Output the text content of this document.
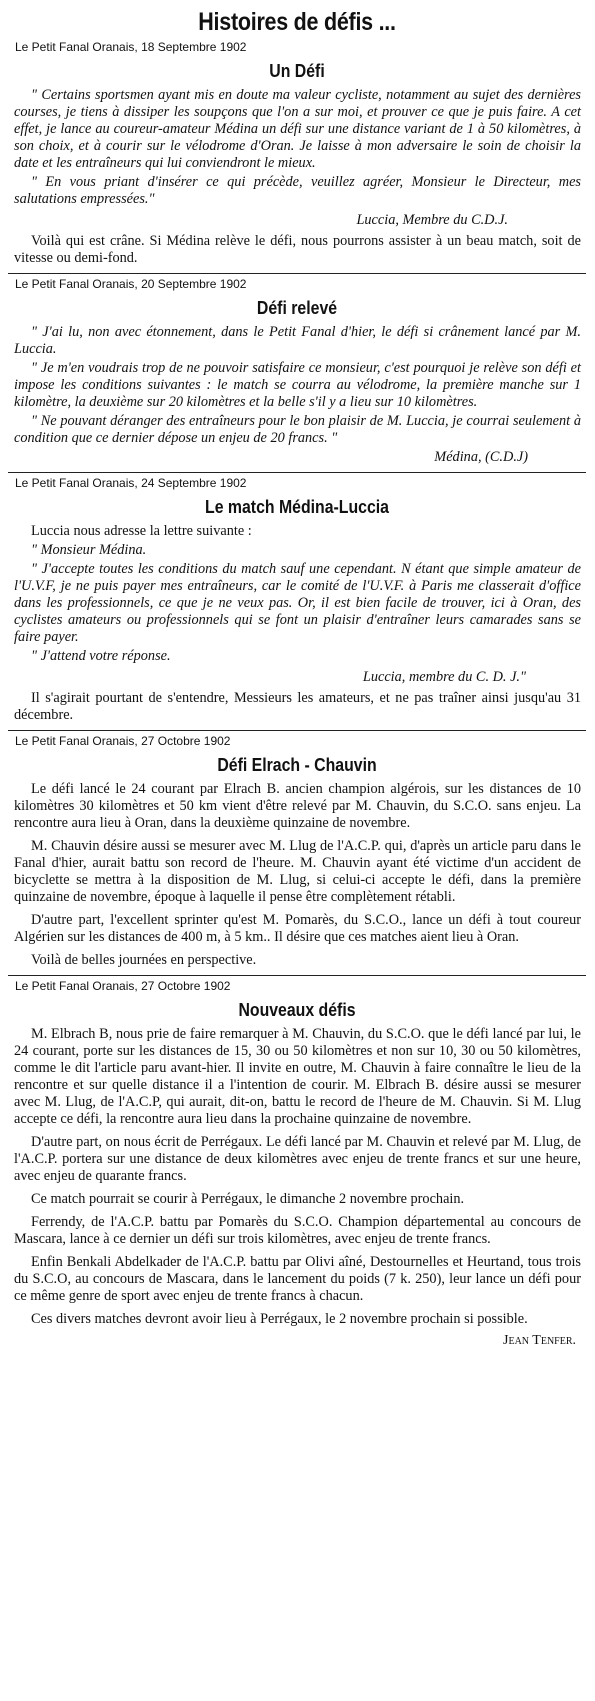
Histoires de défis ...
Le Petit Fanal Oranais, 18 Septembre 1902
Un Défi

" Certains sportsmen ayant mis en doute ma valeur cycliste, notamment au sujet des dernières courses, je tiens à dissiper les soupçons que l'on a sur moi, et prouver ce que je puis faire. A cet effet, je lance au coureur-amateur Médina un défi sur une distance variant de 1 à 50 kilomètres, à son choix, et à courir sur le vélodrome d'Oran. Je laisse à mon adversaire le soin de choisir la date et les entraîneurs qui lui conviendront le mieux.

" En vous priant d'insérer ce qui précède, veuillez agréer, Monsieur le Directeur, mes salutations empressées."

Luccia, Membre du C.D.J.

Voilà qui est crâne. Si Médina relève le défi, nous pourrons assister à un beau match, soit de vitesse ou demi-fond.

Le Petit Fanal Oranais, 20 Septembre 1902
Défi relevé

" J'ai lu, non avec étonnement, dans le Petit Fanal d'hier, le défi si crânement lancé par M. Luccia.

" Je m'en voudrais trop de ne pouvoir satisfaire ce monsieur, c'est pourquoi je relève son défi et impose les conditions suivantes : le match se courra au vélodrome, la première manche sur 1 kilomètre, la deuxième sur 20 kilomètres et la belle s'il y a lieu sur 10 kilomètres.

" Ne pouvant déranger des entraîneurs pour le bon plaisir de M. Luccia, je courrai seulement à condition que ce dernier dépose un enjeu de 20 francs. "

Médina, (C.D.J)

Le Petit Fanal Oranais, 24 Septembre 1902
Le match Médina-Luccia

Luccia nous adresse la lettre suivante :

" Monsieur Médina.

" J'accepte toutes les conditions du match sauf une cependant. N étant que simple amateur de l'U.V.F, je ne puis payer mes entraîneurs, car le comité de l'U.V.F. à Paris me classerait d'office dans les professionnels, ce que je ne veux pas. Or, il est bien facile de trouver, ici à Oran, des cyclistes amateurs ou professionnels qui se font un plaisir d'entraîner leurs camarades sans se faire payer.

" J'attend votre réponse.

Luccia, membre du C. D. J."

Il s'agirait pourtant de s'entendre, Messieurs les amateurs, et ne pas traîner ainsi jusqu'au 31 décembre.

Le Petit Fanal Oranais, 27 Octobre 1902
Défi Elrach - Chauvin

Le défi lancé le 24 courant par Elrach B. ancien champion algérois, sur les distances de 10 kilomètres 30 kilomètres et 50 km vient d'être relevé par M. Chauvin, du S.C.O. sans enjeu. La rencontre aura lieu à Oran, dans la deuxième quinzaine de novembre.

M. Chauvin désire aussi se mesurer avec M. Llug de l'A.C.P. qui, d'après un article paru dans le Fanal d'hier, aurait battu son record de l'heure. M. Chauvin ayant été victime d'un accident de bicyclette se mettra à la disposition de M. Llug, si celui-ci accepte le défi, dans la première quinzaine de novembre, époque à laquelle il pense être complètement rétabli.

D'autre part, l'excellent sprinter qu'est M. Pomarès, du S.C.O., lance un défi à tout coureur Algérien sur les distances de 400 m, à 5 km.. Il désire que ces matches aient lieu à Oran.

Voilà de belles journées en perspective.

Le Petit Fanal Oranais, 27 Octobre 1902
Nouveaux défis

M. Elbrach B, nous prie de faire remarquer à M. Chauvin, du S.C.O. que le défi lancé par lui, le 24 courant, porte sur les distances de 15, 30 ou 50 kilomètres et non sur 10, 30 ou 50 kilomètres, comme le dit l'article paru avant-hier. Il invite en outre, M. Chauvin à faire connaître le lieu de la rencontre et sur quelle distance il a l'intention de courir. M. Elbrach B. désire aussi se mesurer avec M. Llug, de l'A.C.P, qui aurait, dit-on, battu le record de l'heure de M. Chauvin. Si M. Llug accepte ce défi, la rencontre aura lieu dans la prochaine quinzaine de novembre.

D'autre part, on nous écrit de Perrégaux. Le défi lancé par M. Chauvin et relevé par M. Llug, de l'A.C.P. portera sur une distance de deux kilomètres avec enjeu de trente francs et sur une heure, avec enjeu de quarante francs.

Ce match pourrait se courir à Perrégaux, le dimanche 2 novembre prochain.

Ferrendy, de l'A.C.P. battu par Pomarès du S.C.O. Champion départemental au concours de Mascara, lance à ce dernier un défi sur trois kilomètres, avec enjeu de trente francs.

Enfin Benkali Abdelkader de l'A.C.P. battu par Olivi aîné, Destournelles et Heurtand, tous trois du S.C.O, au concours de Mascara, dans le lancement du poids (7 k. 250), leur lance un défi pour ce même genre de sport avec enjeu de trente francs à chacun.

Ces divers matches devront avoir lieu à Perrégaux, le 2 novembre prochain si possible.

Jean Tenfer.
